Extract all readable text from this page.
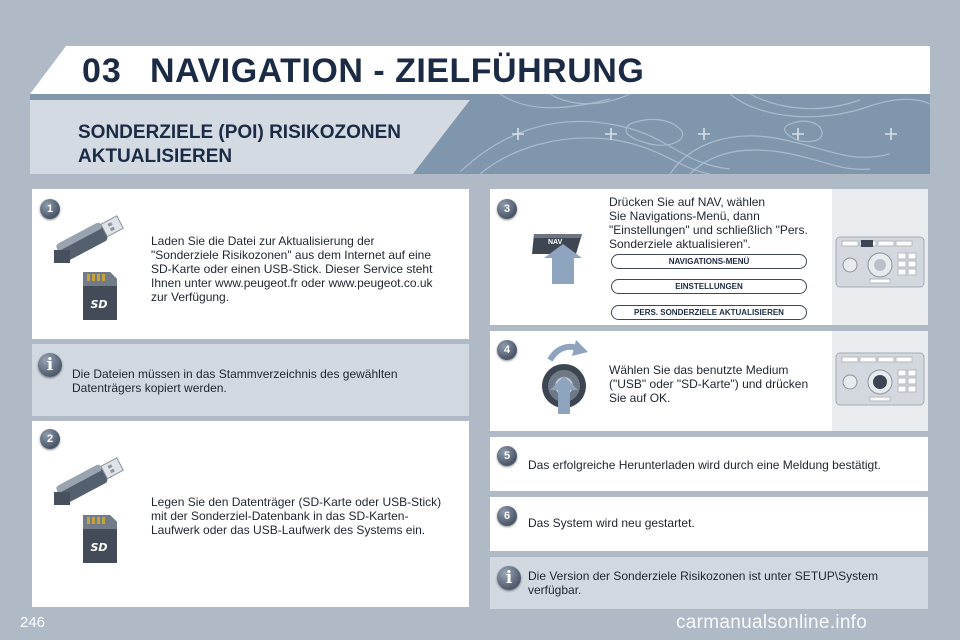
03 NAVIGATION - ZIELFÜHRUNG
SONDERZIELE (POI) RISIKOZONEN
AKTUALISIEREN
1
SD
Laden Sie die Datei zur Aktualisierung der
"Sonderziele Risikozonen" aus dem Internet auf eine
SD-Karte oder einen USB-Stick. Dieser Service steht
Ihnen unter www.peugeot.fr oder www.peugeot.co.uk
zur Verfügung.
i	Die Dateien müssen in das Stammverzeichnis des gewählten
Datenträgers kopiert werden.
2
SD
Legen Sie den Datenträger (SD-Karte oder USB-Stick)
mit der Sonderziel-Datenbank in das SD-Karten-
Laufwerk oder das USB-Laufwerk des Systems ein.
3
NAV
Drücken Sie auf NAV, wählen
Sie Navigations-Menü, dann
"Einstellungen" und schließlich "Pers.
Sonderziele aktualisieren".
NAVIGATIONS-MENÜ
EINSTELLUNGEN
PERS. SONDERZIELE AKTUALISIEREN
4
Wählen Sie das benutzte Medium
("USB" oder "SD-Karte") und drücken
Sie auf OK.
5
Das erfolgreiche Herunterladen wird durch eine Meldung bestätigt.
6	Das System wird neu gestartet.
i	Die Version der Sonderziele Risikozonen ist unter SETUP\System
verfügbar.
246	carmanualsonline.info
